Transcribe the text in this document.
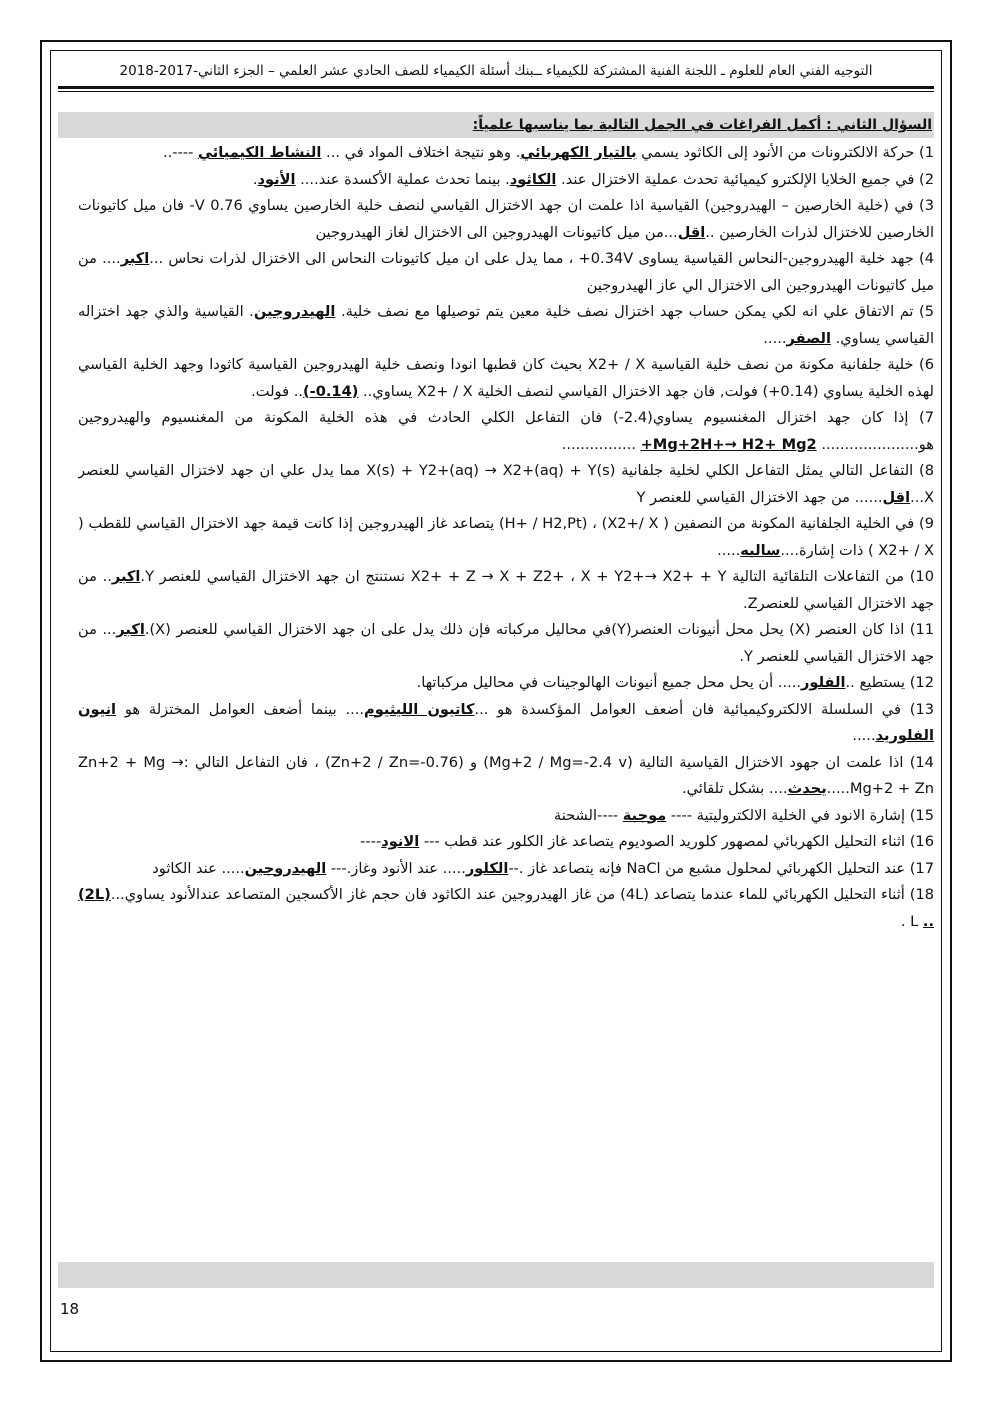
التوجيه الفني العام للعلوم ـ اللجنة الفنية المشتركة للكيمياء ــبنك أسئلة الكيمياء للصف الحادي عشر العلمي – الجزء الثاني-2017-2018
السؤال الثاني : أكمل الفراغات في الجمل التالية بما يناسبها علمياً:

1) حركة الالكترونات من الأنود إلى الكاثود يسمي بالتيار الكهربائي. وهو نتيجة اختلاف المواد في ... النشاط الكيميائي ----..

2) في جميع الخلايا الإلكترو كيميائية تحدث عملية الاختزال عند. الكاثود. بينما تحدث عملية الأكسدة عند.... الأنود.

3) في (خلية الخارصين – الهيدروجين) القياسية اذا علمت ان جهد الاختزال القياسي لنصف خلية الخارصين يساوي 0.76 V- فان ميل كاتيونات الخارصين للاختزال لذرات الخارصين ..اقل...من ميل كاتيونات الهيدروجين الى الاختزال لغاز الهيدروجين

4) جهد خلية الهيدروجين-النحاس القياسية يساوى 0.34V+ ، مما يدل على ان ميل كاتيونات النحاس الى الاختزال لذرات نحاس ...اكبر.... من ميل كاتيونات الهيدروجين الى الاختزال الي عاز الهيدروجين

5) تم الاتفاق علي انه لكي يمكن حساب جهد اختزال نصف خلية معين يتم توصيلها مع نصف خلية. الهيدروجين. القياسية والذي جهد اختزاله القياسي يساوي. الصفر.....

6) خلية جلفانية مكونة من نصف خلية القياسية X2+ / X بحيث كان قطبها انودا ونصف خلية الهيدروجين القياسية كاثودا وجهد الخلية القياسي لهذه الخلية يساوي (0.14+) فولت, فان جهد الاختزال القياسي لنصف الخلية X2+ / X يساوي.. (0.14-).. فولت.

7) إذا كان جهد اختزال المغنسيوم يساوي(2.4-) فان التفاعل الكلي الحادث في هذه الخلية المكونة من المغنسيوم والهيدروجين هو..................... Mg+2H+→ H2+ Mg2+ ................

8) التفاعل التالي يمثل التفاعل الكلي لخلية جلفانية X(s) + Y2+(aq) → X2+(aq) + Y(s) مما يدل علي ان جهد لاختزال القياسي للعنصر X...اقل...... من جهد الاختزال القياسي للعنصر Y

9) في الخلية الجلفانية المكونة من النصفين ( X2+/ X) ، (H+ / H2,Pt) يتصاعد غاز الهيدروجين إذا كانت قيمة جهد الاختزال القياسي للقطب ( X2+ / X ) ذات إشارة....سالبه.....

10) من التفاعلات التلقائية التالية X2+ + Z → X + Z2+ ، X + Y2+→ X2+ + Y نستنتج ان جهد الاختزال القياسي للعنصر Y.اكبر.. من جهد الاختزال القياسي للعنصرZ.

11) اذا كان العنصر (X) يحل محل أنيونات العنصر(Y)في محاليل مركباته فإن ذلك يدل على ان جهد الاختزال القياسي للعنصر (X).اكبر... من جهد الاختزال القياسي للعنصر Y.

12) يستطيع ..الفلور..... أن يحل محل جميع أنيونات الهالوجينات في محاليل مركباتها.

13) في السلسلة الالكتروكيميائية فان أضعف العوامل المؤكسدة هو ...كاتيون الليثيوم.... بينما أضعف العوامل المختزلة هو انيون الفلوريد.....

14) اذا علمت ان جهود الاختزال القياسية التالية (Mg+2 / Mg=-2.4 v) و (Zn+2 / Zn=-0.76) ، فان التفاعل التالي :Zn+2 + Mg → Mg+2 + Zn.....يحدث.... بشكل تلقائي.

15) إشارة الانود في الخلية الالكتروليتية ---- موجبة ----الشحنة

16) اثناء التحليل الكهربائي لمصهور كلوريد الصوديوم يتصاعد غاز الكلور عند قطب --- الانود----

17) عند التحليل الكهربائي لمحلول مشبع من NaCl فإنه يتصاعد غاز .--الكلور..... عند الأنود وغاز.--- الهيدروجين..... عند الكاثود

18) أثناء التحليل الكهربائي للماء عندما يتصاعد (4L) من غاز الهيدروجين عند الكاثود فان حجم غاز الأكسجين المتصاعد عندالأنود يساوي...(2L) .. L .

18
